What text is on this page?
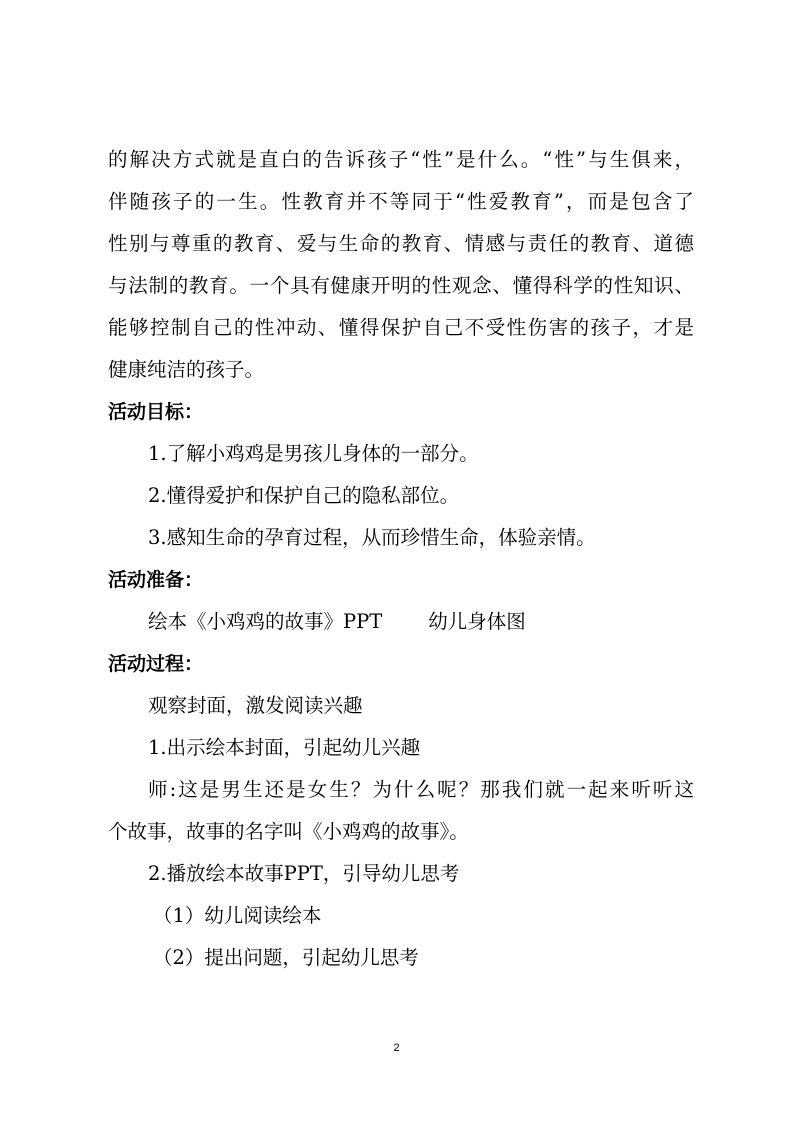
的解决方式就是直白的告诉孩子“性”是什么。“性”与生俱来，
伴随孩子的一生。性教育并不等同于“性爱教育”，而是包含了
性别与尊重的教育、爱与生命的教育、情感与责任的教育、道德
与法制的教育。一个具有健康开明的性观念、懂得科学的性知识、
能够控制自己的性冲动、懂得保护自己不受性伤害的孩子，才是
健康纯洁的孩子。
活动目标：
1.了解小鸡鸡是男孩儿身体的一部分。
2.懂得爱护和保护自己的隐私部位。
3.感知生命的孕育过程，从而珍惜生命，体验亲情。
活动准备：
绘本《小鸡鸡的故事》PPT 幼儿身体图
活动过程：
观察封面，激发阅读兴趣
1.出示绘本封面，引起幼儿兴趣
师:这是男生还是女生？为什么呢？那我们就一起来听听这
个故事，故事的名字叫《小鸡鸡的故事》。
2.播放绘本故事PPT，引导幼儿思考
（1）幼儿阅读绘本
（2）提出问题，引起幼儿思考
2
